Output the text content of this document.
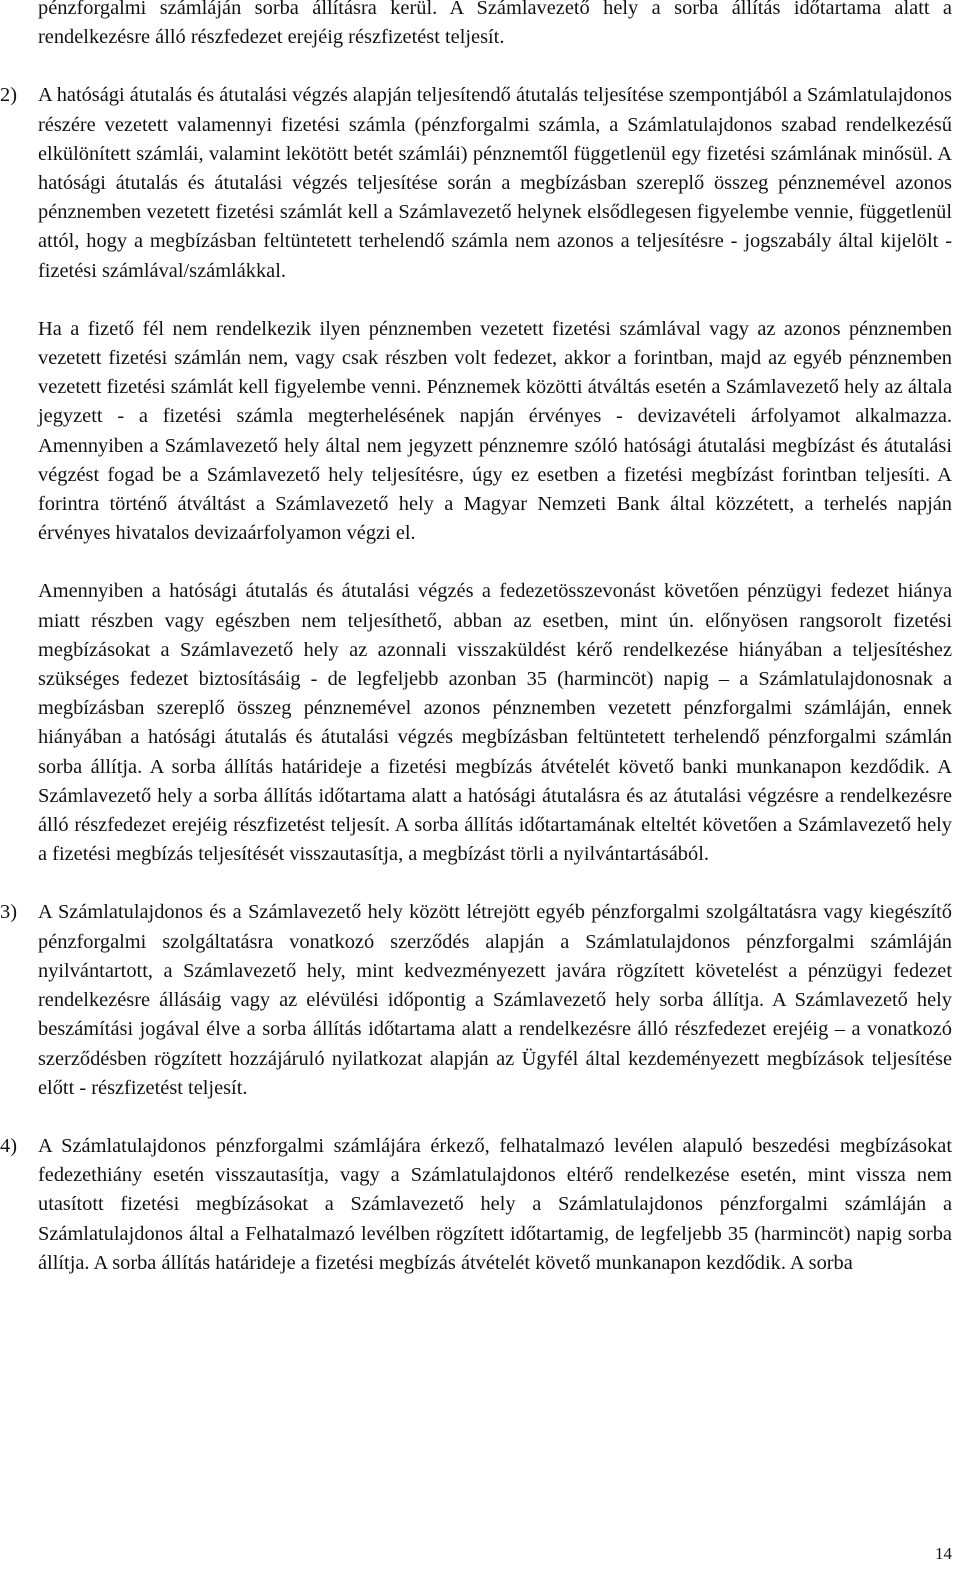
pénzforgalmi számláján sorba állításra kerül. A Számlavezető hely a sorba állítás időtartama alatt a rendelkezésre álló részfedezet erejéig részfizetést teljesít.

2) A hatósági átutalás és átutalási végzés alapján teljesítendő átutalás teljesítése szempontjából a Számlatulajdonos részére vezetett valamennyi fizetési számla (pénzforgalmi számla, a Számlatulajdonos szabad rendelkezésű elkülönített számlái, valamint lekötött betét számlái) pénznemtől függetlenül egy fizetési számlának minősül. A hatósági átutalás és átutalási végzés teljesítése során a megbízásban szereplő összeg pénznemével azonos pénznemben vezetett fizetési számlát kell a Számlavezető helynek elsődlegesen figyelembe vennie, függetlenül attól, hogy a megbízásban feltüntetett terhelendő számla nem azonos a teljesítésre - jogszabály által kijelölt - fizetési számlával/számlákkal.

Ha a fizető fél nem rendelkezik ilyen pénznemben vezetett fizetési számlával vagy az azonos pénznemben vezetett fizetési számlán nem, vagy csak részben volt fedezet, akkor a forintban, majd az egyéb pénznemben vezetett fizetési számlát kell figyelembe venni. Pénznemek közötti átváltás esetén a Számlavezető hely az általa jegyzett - a fizetési számla megterhelésének napján érvényes - devizavételi árfolyamot alkalmazza. Amennyiben a Számlavezető hely által nem jegyzett pénznemre szóló hatósági átutalási megbízást és átutalási végzést fogad be a Számlavezető hely teljesítésre, úgy ez esetben a fizetési megbízást forintban teljesíti. A forintra történő átváltást a Számlavezető hely a Magyar Nemzeti Bank által közzétett, a terhelés napján érvényes hivatalos devizaárfolyamon végzi el.

Amennyiben a hatósági átutalás és átutalási végzés a fedezetösszevonást követően pénzügyi fedezet hiánya miatt részben vagy egészben nem teljesíthető, abban az esetben, mint ún. előnyösen rangsorolt fizetési megbízásokat a Számlavezető hely az azonnali visszaküldést kérő rendelkezése hiányában a teljesítéshez szükséges fedezet biztosításáig - de legfeljebb azonban 35 (harmincöt) napig – a Számlatulajdonosnak a megbízásban szereplő összeg pénznemével azonos pénznemben vezetett pénzforgalmi számláján, ennek hiányában a hatósági átutalás és átutalási végzés megbízásban feltüntetett terhelendő pénzforgalmi számlán sorba állítja. A sorba állítás határideje a fizetési megbízás átvételét követő banki munkanapon kezdődik. A Számlavezető hely a sorba állítás időtartama alatt a hatósági átutalásra és az átutalási végzésre a rendelkezésre álló részfedezet erejéig részfizetést teljesít. A sorba állítás időtartamának elteltét követően a Számlavezető hely a fizetési megbízás teljesítését visszautasítja, a megbízást törli a nyilvántartásából.

3) A Számlatulajdonos és a Számlavezető hely között létrejött egyéb pénzforgalmi szolgáltatásra vagy kiegészítő pénzforgalmi szolgáltatásra vonatkozó szerződés alapján a Számlatulajdonos pénzforgalmi számláján nyilvántartott, a Számlavezető hely, mint kedvezményezett javára rögzített követelést a pénzügyi fedezet rendelkezésre állásáig vagy az elévülési időpontig a Számlavezető hely sorba állítja. A Számlavezető hely beszámítási jogával élve a sorba állítás időtartama alatt a rendelkezésre álló részfedezet erejéig – a vonatkozó szerződésben rögzített hozzájáruló nyilatkozat alapján az Ügyfél által kezdeményezett megbízások teljesítése előtt - részfizetést teljesít.

4) A Számlatulajdonos pénzforgalmi számlájára érkező, felhatalmazó levélen alapuló beszedési megbízásokat fedezethiány esetén visszautasítja, vagy a Számlatulajdonos eltérő rendelkezése esetén, mint vissza nem utasított fizetési megbízásokat a Számlavezető hely a Számlatulajdonos pénzforgalmi számláján a Számlatulajdonos által a Felhatalmazó levélben rögzített időtartamig, de legfeljebb 35 (harmincöt) napig sorba állítja. A sorba állítás határideje a fizetési megbízás átvételét követő munkanapon kezdődik. A sorba

14
